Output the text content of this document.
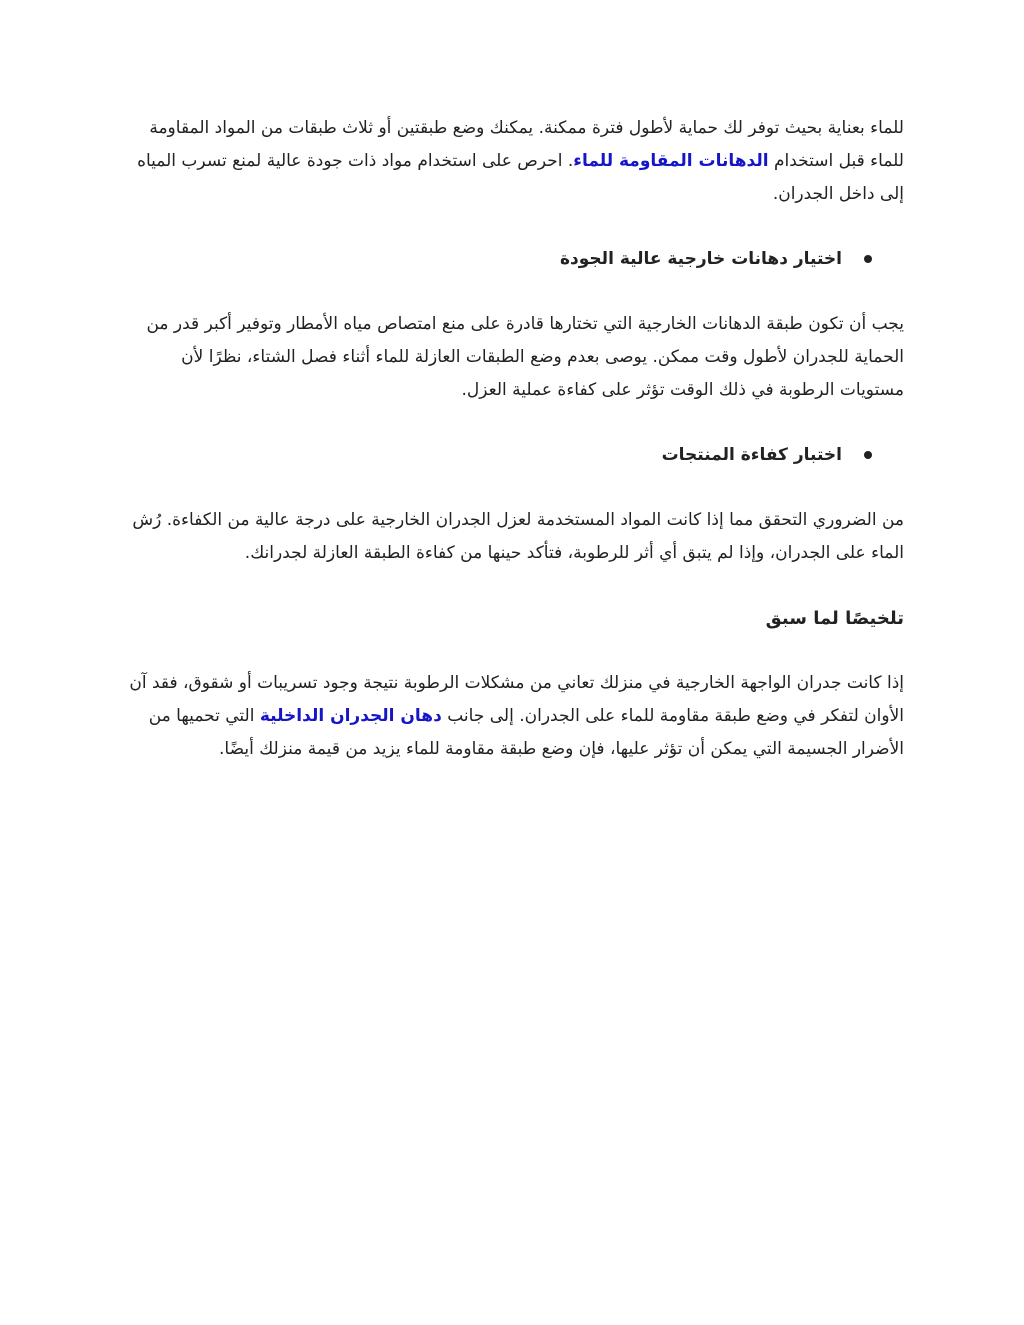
للماء بعناية بحيث توفر لك حماية لأطول فترة ممكنة. يمكنك وضع طبقتين أو ثلاث طبقات من المواد المقاومة للماء قبل استخدام الدهانات المقاومة للماء. احرص على استخدام مواد ذات جودة عالية لمنع تسرب المياه إلى داخل الجدران.

اختيار دهانات خارجية عالية الجودة

يجب أن تكون طبقة الدهانات الخارجية التي تختارها قادرة على منع امتصاص مياه الأمطار وتوفير أكبر قدر من الحماية للجدران لأطول وقت ممكن. يوصى بعدم وضع الطبقات العازلة للماء أثناء فصل الشتاء، نظرًا لأن مستويات الرطوبة في ذلك الوقت تؤثر على كفاءة عملية العزل.

اختبار كفاءة المنتجات

من الضروري التحقق مما إذا كانت المواد المستخدمة لعزل الجدران الخارجية على درجة عالية من الكفاءة. رُش الماء على الجدران، وإذا لم يتبق أي أثر للرطوبة، فتأكد حينها من كفاءة الطبقة العازلة لجدرانك.

تلخيصًا لما سبق

إذا كانت جدران الواجهة الخارجية في منزلك تعاني من مشكلات الرطوبة نتيجة وجود تسريبات أو شقوق، فقد آن الأوان لتفكر في وضع طبقة مقاومة للماء على الجدران. إلى جانب دهان الجدران الداخلية التي تحميها من الأضرار الجسيمة التي يمكن أن تؤثر عليها، فإن وضع طبقة مقاومة للماء يزيد من قيمة منزلك أيضًا.
